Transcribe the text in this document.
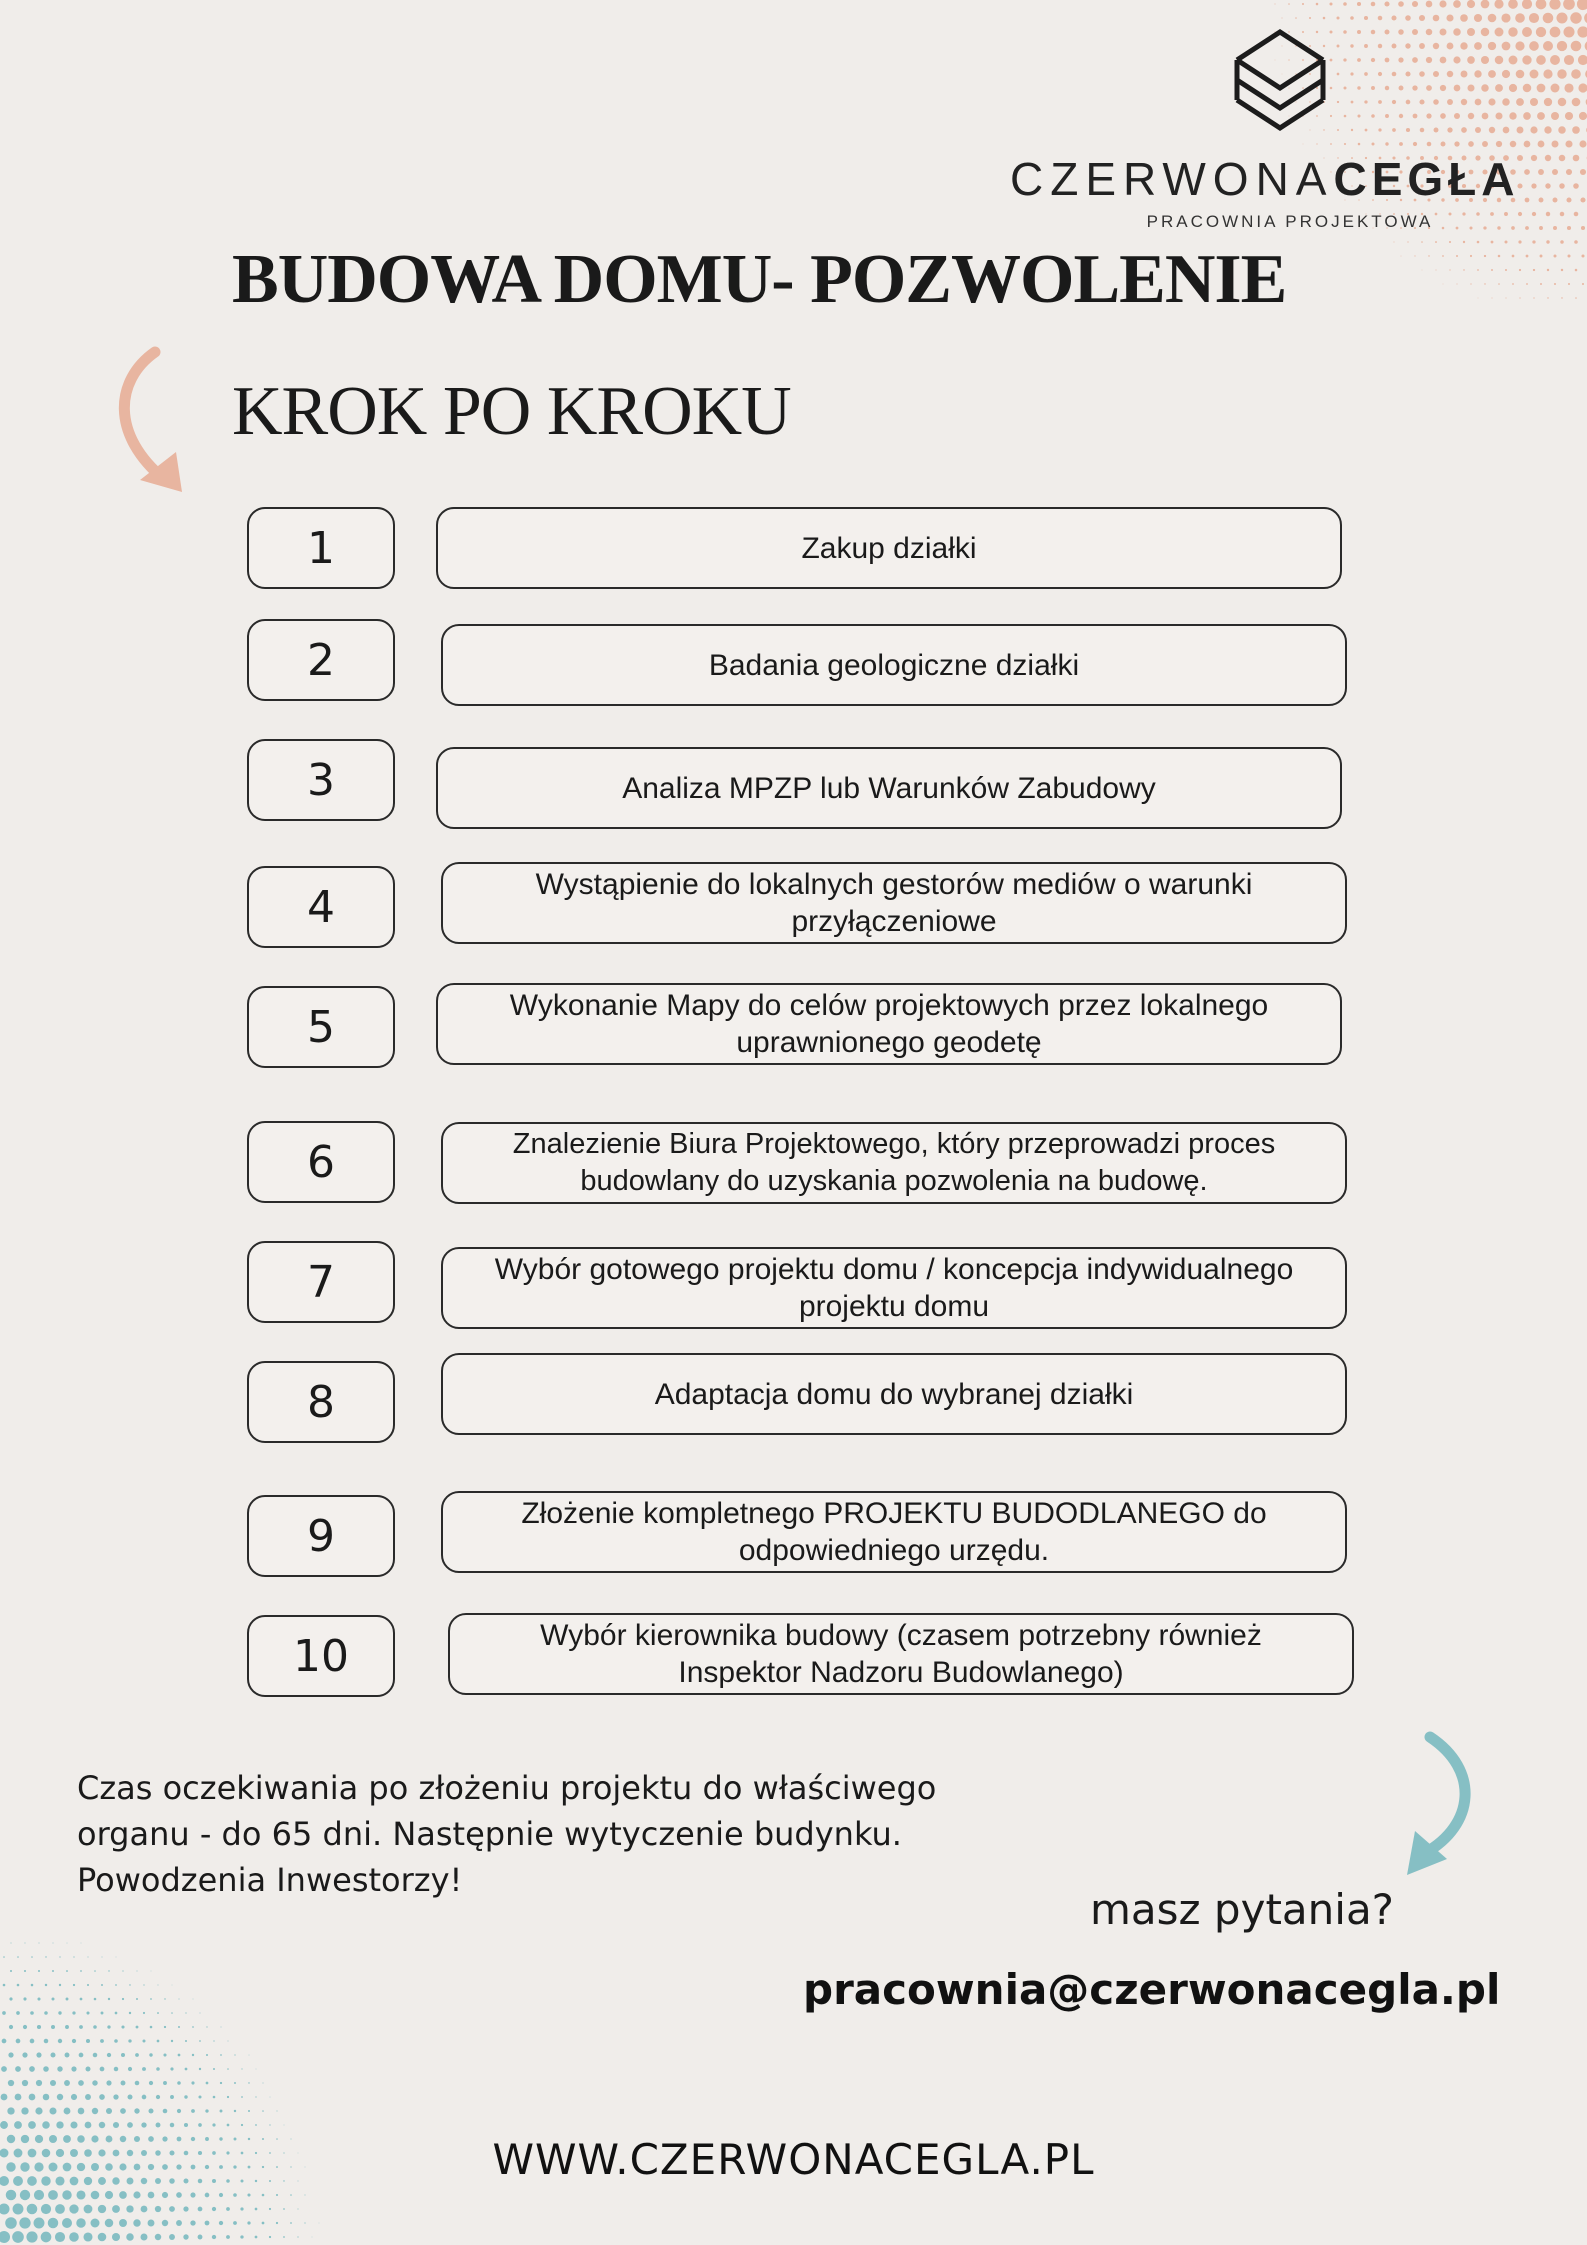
CZERWONACEGŁA
PRACOWNIA PROJEKTOWA
BUDOWA DOMU- POZWOLENIE
KROK PO KROKU
1	Zakup działki
2	Badania geologiczne działki
3	Analiza MPZP lub Warunków Zabudowy
4	Wystąpienie do lokalnych gestorów mediów o warunki przyłączeniowe
5	Wykonanie Mapy do celów projektowych przez lokalnego uprawnionego geodetę
6	Znalezienie Biura Projektowego, który przeprowadzi proces budowlany do uzyskania pozwolenia na budowę.
7	Wybór gotowego projektu domu / koncepcja indywidualnego projektu domu
8	Adaptacja domu do wybranej działki
9	Złożenie kompletnego PROJEKTU BUDODLANEGO do odpowiedniego urzędu.
10	Wybór kierownika budowy (czasem potrzebny również Inspektor Nadzoru Budowlanego)

Czas oczekiwania po złożeniu projektu do właściwego

organu - do 65 dni. Następnie wytyczenie budynku.

Powodzenia Inwestorzy!

masz pytania?
pracownia@czerwonacegla.pl
WWW.CZERWONACEGLA.PL
